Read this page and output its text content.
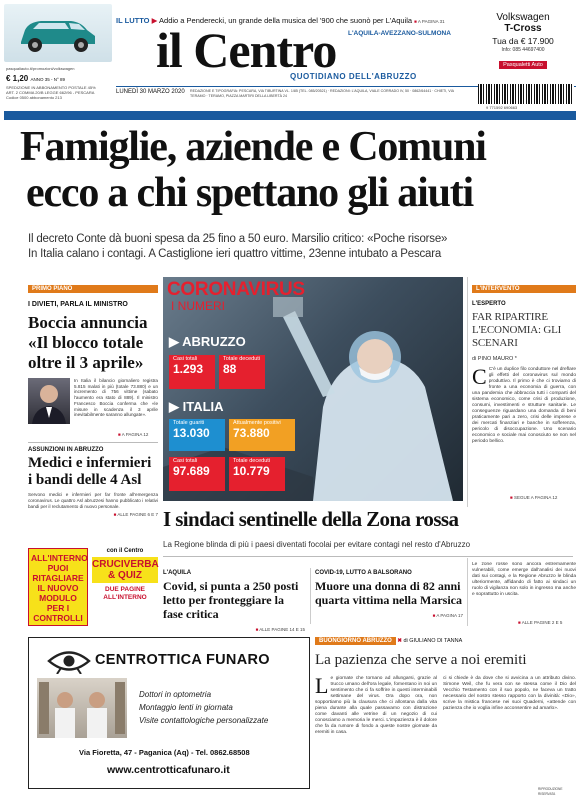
pasqualiauto.it/promozioni/volkswagen
€ 1,20 ANNO 35 - N° 89
SPEDIZIONE IN ABBONAMENTO POSTALE 45%
ART. 2 COMMA 20/B LEGGE 662/96 - PESCARA
Codice 0500 abbonamento 213
IL LUTTO ▶ Addio a Penderecki, un grande della musica del '900 che suonò per L'Aquila ■ A PAGINA 31
il Centro L'AQUILA-AVEZZANO-SULMONA
QUOTIDIANO DELL'ABRUZZO
Volkswagen
T-Cross
Tua da € 17.900
Info: 085 44697400
Pasqualetti Auto
LUNEDÌ 30 MARZO 2020 REDAZIONE E TIPOGRAFIA: PESCARA, VIA TIBURTINA VL. 1/85 (TEL. 085/20521) · REDAZIONI: L'AQUILA, VIALE CORRADO IV, 50 · 0862/64441 · CHIETI, VIA TERAMO · TERAMO, PIAZZA MARTIRI DELLA LIBERTÀ 24
9 771592 690663
www.ilcentro.it
Famiglie, aziende e Comuni
ecco a chi spettano gli aiuti
Il decreto Conte dà buoni spesa da 25 fino a 50 euro. Marsilio critico: «Poche risorse»
In Italia calano i contagi. A Castiglione ieri quattro vittime, 23enne intubato a Pescara
PRIMO PIANO
I DIVIETI, PARLA IL MINISTRO
Boccia annuncia «Il blocco totale oltre il 3 aprile»
In Italia il bilancio giornaliero registra 5.815 malati in più (totale 73.880) e un incremento di 756 vittime (sabato l'aumento era stato di 889). Il ministro Francesco Boccia conferma che «le misure in scadenza il 3 aprile inevitabilmente saranno allungate».
■ A PAGINA 12
ASSUNZIONI IN ABRUZZO
Medici e infermieri i bandi delle 4 Asl
Servono medici e infermieri per far fronte all'emergenza coronavirus. Le quattro Asl abruzzesi hanno pubblicato i relativi bandi per il reclutamento di nuovo personale.
■ ALLE PAGINE 6 E 7
ALL'INTERNO PUOI RITAGLIARE IL NUOVO MODULO PER I CONTROLLI
con il Centro
CRUCIVERBA & QUIZ
DUE PAGINE ALL'INTERNO
CORONAVIRUS
I NUMERI
▶ ABRUZZO
Casi totali
1.293
Totale deceduti
88
▶ ITALIA
Totale guariti
13.030
Attualmente positivi
73.880
Casi totali
97.689
Totale deceduti
10.779
L'INTERVENTO
L'ESPERTO
FAR RIPARTIRE L'ECONOMIA: GLI SCENARI
di PINO MAURO *
C C'è un duplice filo conduttore nel dreflare gli effetti del coronavirus sul mondo produttivo. Il primo è che ci troviamo di fronte a una economia di guerra, con una pandemia che abbraccia tutti i comparti del sistema economico, come crisi di produzione, consumi, investimenti e strutture sanitarie. Le conseguenze riguardano una domanda di beni praticamente pari a zero, crisi delle imprese e dei mercati finanziari e banche in sofferenza, pericolo di disoccupazione. Uno scenario economico e sociale mai conosciuto se non nel periodo bellico.
■ SEGUE A PAGINA 12
I sindaci sentinelle della Zona rossa
La Regione blinda di più i paesi diventati focolai per evitare contagi nel resto d'Abruzzo
L'AQUILA
Covid, si punta a 250 posti letto per fronteggiare la fase critica
■ ALLE PAGINE 14 E 15
COVID-19, LUTTO A BALSORANO
Muore una donna di 82 anni quarta vittima nella Marsica
■ A PAGINA 17
Le zone rosse sono ancora estremamente vulnerabili, come emerge dall'analisi dei nuovi dati sui contagi, e la Regione Abruzzo le blinda ulteriormente, affidando di fatto ai sindaci un ruolo di vigilanza non solo in ingresso ma anche e soprattutto in uscita.
■ ALLE PAGINE 2 E 5
CENTROTTICA FUNARO
Dottori in optometria
Montaggio lenti in giornata
Visite contattologiche personalizzate
Via Fioretta, 47 - Paganica (Aq) - Tel. 0862.68508
www.centrotticafunaro.it
BUONGIORNO ABRUZZO ✖ di GIULIANO DI TANNA
La pazienza che serve a noi eremiti
Le giornate che tornano ad allungarsi, grazie al trucco umano dell'ora legale, fomentano in noi un sentimento che ci fa soffrire in questi interminabili settimane del virus. Ora dopo ora, non sopportiamo più la clausura che ci allontana dalla vita piena durante alla quale passavamo con distrazione come davanti alle vetrine di un negozio di cui conosciamo a memoria le merci. L'impazienza è il dolore che fa da rumore di fondo a queste nostre giornate da eremiti in casa.
ci si chiede è da dove che si avvicina a un attributo divino. Simone Weil, che fu vera con se stessa come il Dio del Vecchio Testamento con il suo popolo, ne faceva un tratto necessario del nostro stesso rapporto con la divinità: «Dio», scrive la mistica francese nei suoi Quaderni, «attende con pazienza che io voglia infine acconsentire ad amarlo».
RIPRODUZIONE RISERVATA
